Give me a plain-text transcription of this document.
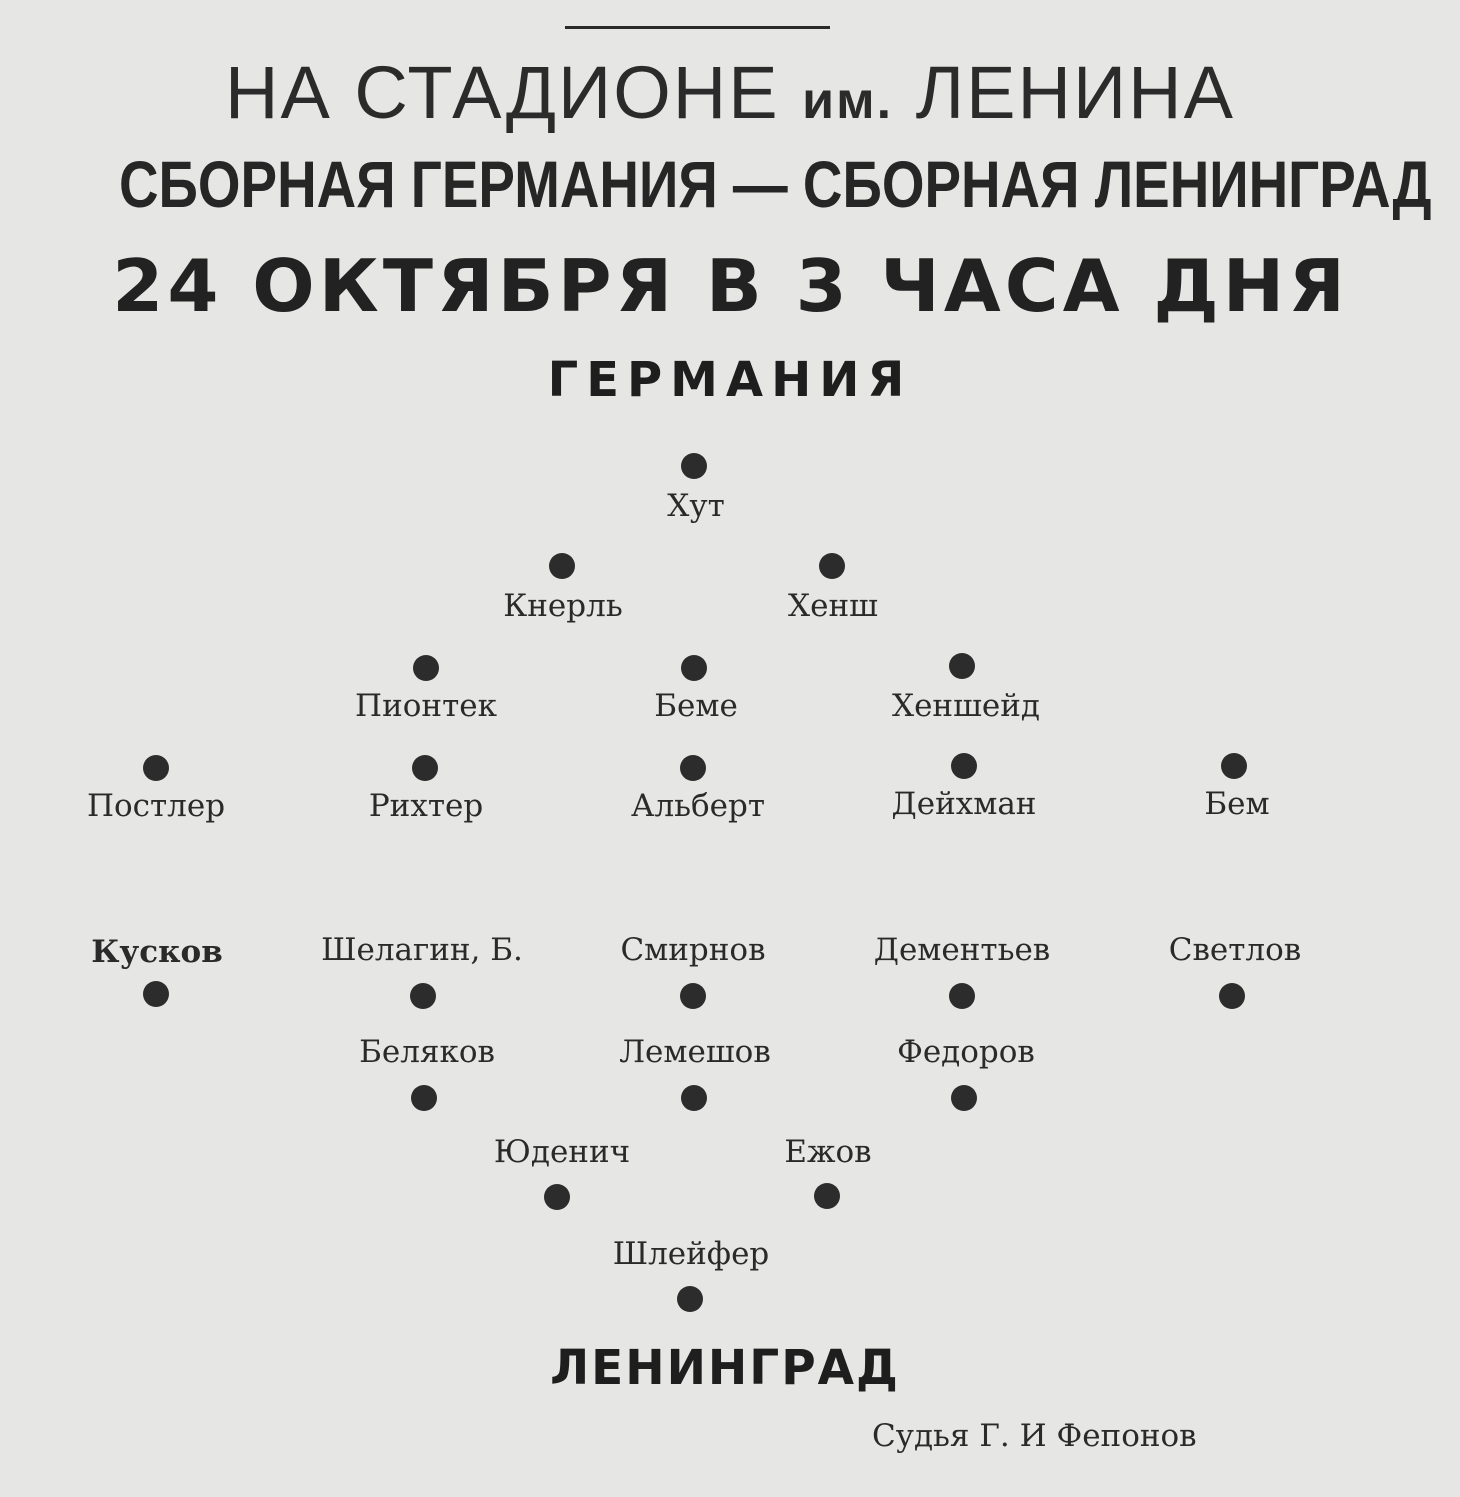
НА СТАДИОНЕ им. ЛЕНИНА
СБОРНАЯ ГЕРМАНИЯ — СБОРНАЯ ЛЕНИНГРАД
24 ОКТЯБРЯ В 3 ЧАСА ДНЯ
ГЕРМАНИЯ
Хут
Кнерль	Хенш
Пионтек	Беме	Хеншейд
Постлер	Рихтер	Альберт	Дейхман	Бем
Кусков	Шелагин, Б.	Смирнов	Дементьев	Светлов
Беляков	Лемешов	Федоров
Юденич	Ежов
Шлейфер
ЛЕНИНГРАД
Судья Г. И Фепонов
